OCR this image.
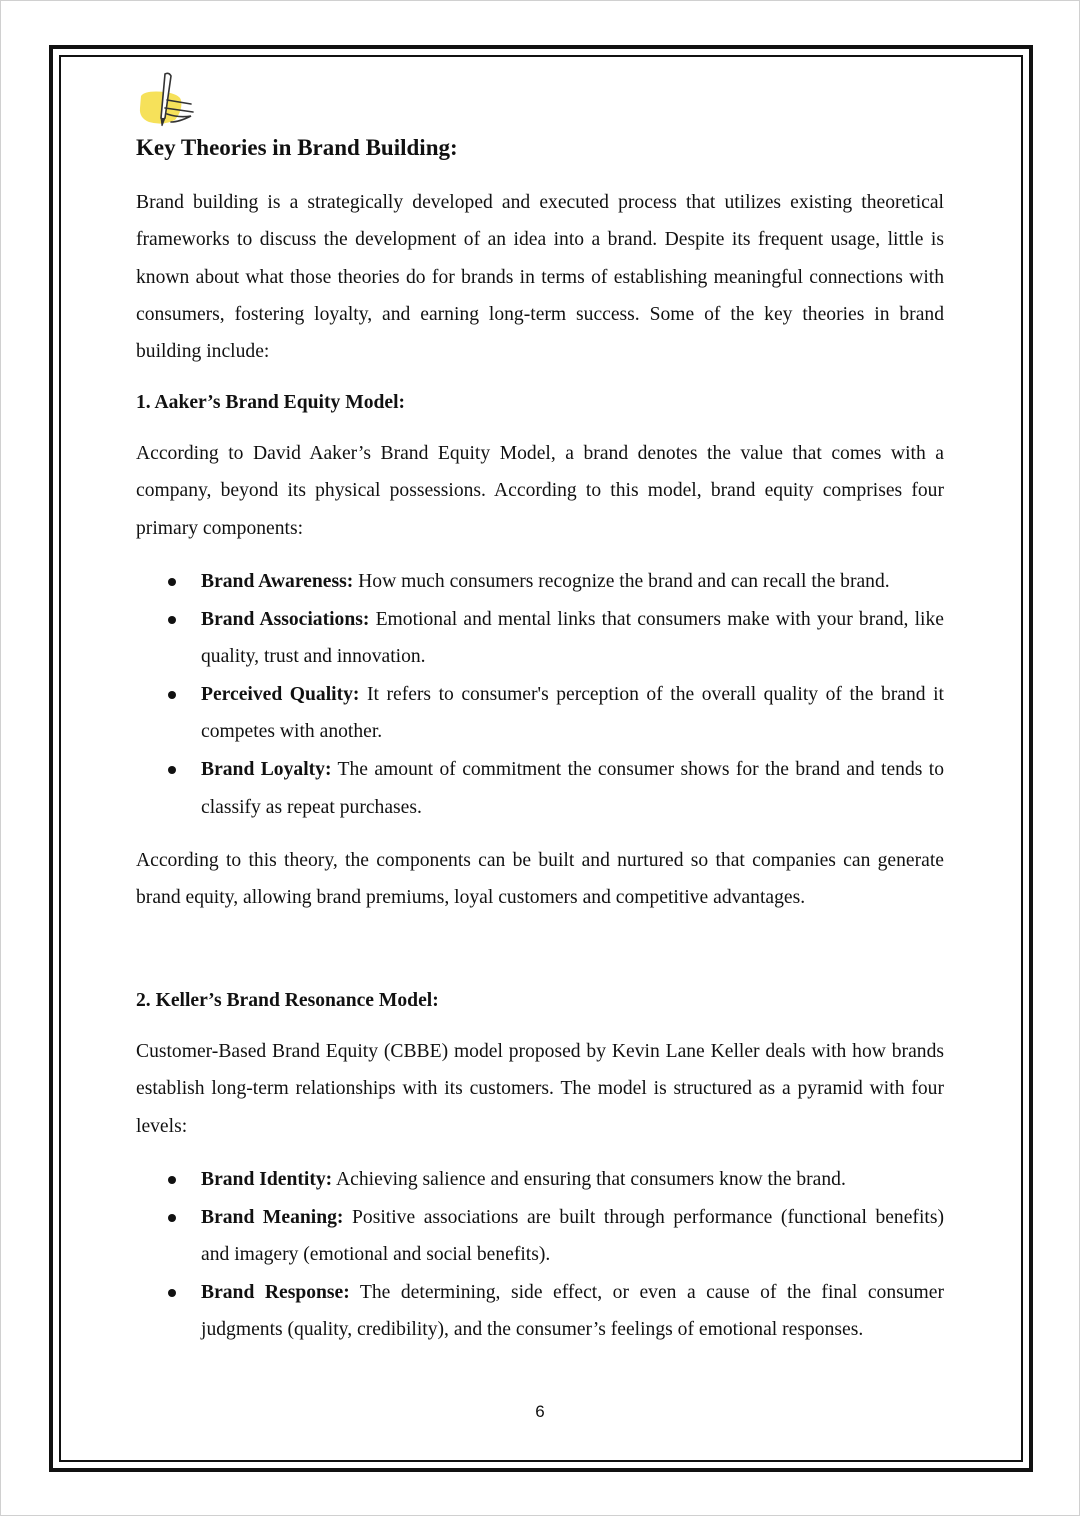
Key Theories in Brand Building:

Brand building is a strategically developed and executed process that utilizes existing theoretical frameworks to discuss the development of an idea into a brand. Despite its frequent usage, little is known about what those theories do for brands in terms of establishing meaningful connections with consumers, fostering loyalty, and earning long-term success. Some of the key theories in brand building include:

1. Aaker’s Brand Equity Model:

According to David Aaker’s Brand Equity Model, a brand denotes the value that comes with a company, beyond its physical possessions. According to this model, brand equity comprises four primary components:

Brand Awareness: How much consumers recognize the brand and can recall the brand.
Brand Associations: Emotional and mental links that consumers make with your brand, like quality, trust and innovation.
Perceived Quality: It refers to consumer's perception of the overall quality of the brand it competes with another.
Brand Loyalty: The amount of commitment the consumer shows for the brand and tends to classify as repeat purchases.

According to this theory, the components can be built and nurtured so that companies can generate brand equity, allowing brand premiums, loyal customers and competitive advantages.

2. Keller’s Brand Resonance Model:

Customer-Based Brand Equity (CBBE) model proposed by Kevin Lane Keller deals with how brands establish long-term relationships with its customers. The model is structured as a pyramid with four levels:

Brand Identity: Achieving salience and ensuring that consumers know the brand.
Brand Meaning: Positive associations are built through performance (functional benefits) and imagery (emotional and social benefits).
Brand Response: The determining, side effect, or even a cause of the final consumer judgments (quality, credibility), and the consumer’s feelings of emotional responses.
6
